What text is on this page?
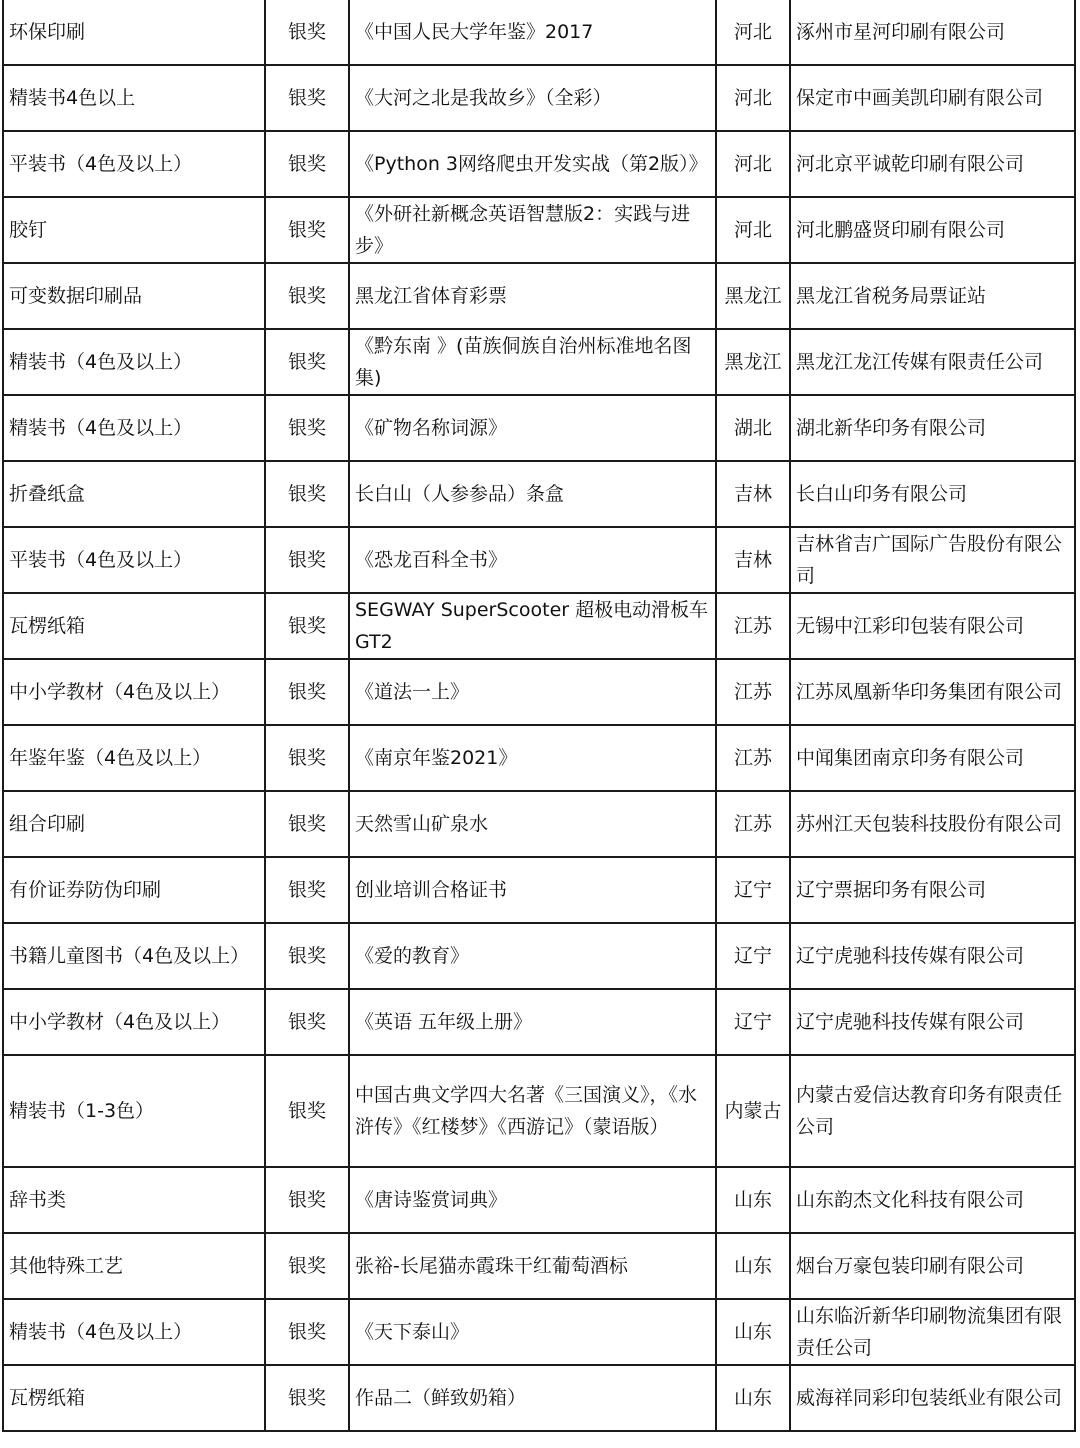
环保印刷	银奖	《中国人民大学年鉴》2017	河北	涿州市星河印刷有限公司
精装书4色以上	银奖	《大河之北是我故乡》（全彩）	河北	保定市中画美凯印刷有限公司
平装书（4色及以上）	银奖	《Python 3网络爬虫开发实战（第2版）》	河北	河北京平诚乾印刷有限公司
胶钉	银奖	《外研社新概念英语智慧版2：实践与进步》	河北	河北鹏盛贤印刷有限公司
可变数据印刷品	银奖	黑龙江省体育彩票	黑龙江	黑龙江省税务局票证站
精装书（4色及以上）	银奖	《黔东南 》(苗族侗族自治州标准地名图集)	黑龙江	黑龙江龙江传媒有限责任公司
精装书（4色及以上）	银奖	《矿物名称词源》	湖北	湖北新华印务有限公司
折叠纸盒	银奖	长白山（人参参品）条盒	吉林	长白山印务有限公司
平装书（4色及以上）	银奖	《恐龙百科全书》	吉林	吉林省吉广国际广告股份有限公司
瓦楞纸箱	银奖	SEGWAY SuperScooter 超极电动滑板车GT2	江苏	无锡中江彩印包装有限公司
中小学教材（4色及以上）	银奖	《道法一上》	江苏	江苏凤凰新华印务集团有限公司
年鉴年鉴（4色及以上）	银奖	《南京年鉴2021》	江苏	中闻集团南京印务有限公司
组合印刷	银奖	天然雪山矿泉水	江苏	苏州江天包装科技股份有限公司
有价证券防伪印刷	银奖	创业培训合格证书	辽宁	辽宁票据印务有限公司
书籍儿童图书（4色及以上）	银奖	《爱的教育》	辽宁	辽宁虎驰科技传媒有限公司
中小学教材（4色及以上）	银奖	《英语 五年级上册》	辽宁	辽宁虎驰科技传媒有限公司
精装书（1-3色）	银奖	中国古典文学四大名著《三国演义》，《水浒传》《红楼梦》《西游记》（蒙语版）	内蒙古	内蒙古爱信达教育印务有限责任公司
辞书类	银奖	《唐诗鉴赏词典》	山东	山东韵杰文化科技有限公司
其他特殊工艺	银奖	张裕-长尾猫赤霞珠干红葡萄酒标	山东	烟台万豪包装印刷有限公司
精装书（4色及以上）	银奖	《天下泰山》	山东	山东临沂新华印刷物流集团有限责任公司
瓦楞纸箱	银奖	作品二（鲜致奶箱）	山东	威海祥同彩印包装纸业有限公司
